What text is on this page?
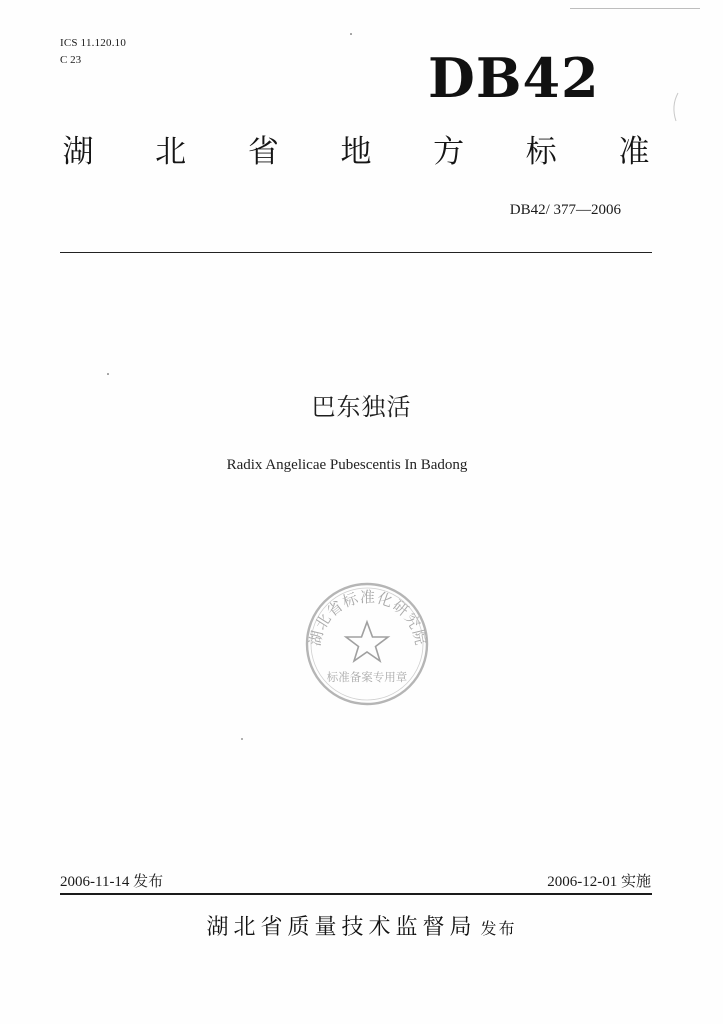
ICS 11.120.10
C 23	DB42
湖 北 省 地 方 标 准
DB42/ 377—2006
巴东独活
Radix Angelicae Pubescentis In Badong
湖北省标准化研究院
标准备案专用章
2006-11-14 发布	2006-12-01 实施
湖北省质量技术监督局 发布
